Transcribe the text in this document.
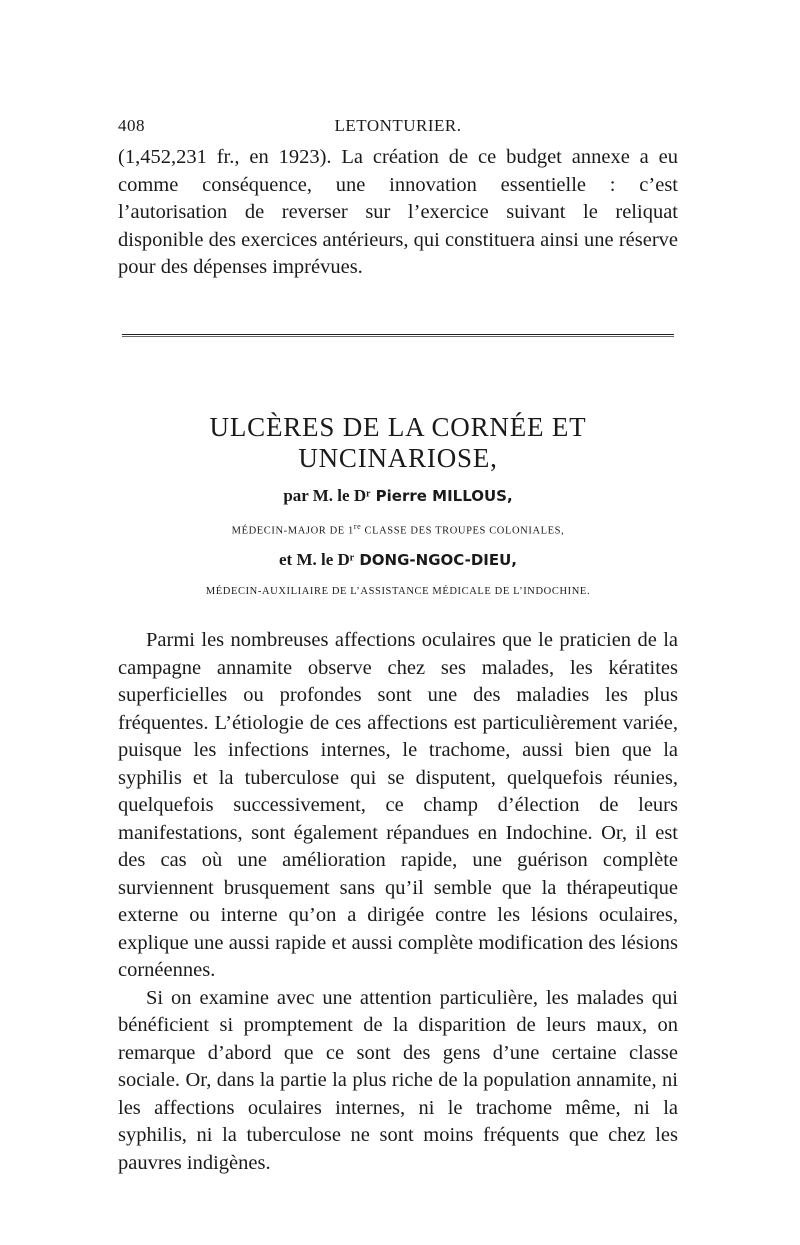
408	LETONTURIER.

(1,452,231 fr., en 1923). La création de ce budget annexe a eu comme conséquence, une innovation essentielle : c’est l’autorisation de reverser sur l’exercice suivant le reliquat disponible des exercices antérieurs, qui constituera ainsi une réserve pour des dépenses imprévues.

ULCÈRES DE LA CORNÉE ET UNCINARIOSE,
par M. le Dʳ Pierre MILLOUS,
MÉDECIN-MAJOR DE 1re CLASSE DES TROUPES COLONIALES,
et M. le Dʳ DONG-NGOC-DIEU,
MÉDECIN-AUXILIAIRE DE L’ASSISTANCE MÉDICALE DE L’INDOCHINE.

Parmi les nombreuses affections oculaires que le praticien de la campagne annamite observe chez ses malades, les kératites superficielles ou profondes sont une des maladies les plus fréquentes. L’étiologie de ces affections est particulièrement variée, puisque les infections internes, le trachome, aussi bien que la syphilis et la tuberculose qui se disputent, quelquefois réunies, quelquefois successivement, ce champ d’élection de leurs manifestations, sont également répandues en Indochine. Or, il est des cas où une amélioration rapide, une guérison complète surviennent brusquement sans qu’il semble que la thérapeutique externe ou interne qu’on a dirigée contre les lésions oculaires, explique une aussi rapide et aussi complète modification des lésions cornéennes.

Si on examine avec une attention particulière, les malades qui bénéficient si promptement de la disparition de leurs maux, on remarque d’abord que ce sont des gens d’une certaine classe sociale. Or, dans la partie la plus riche de la population annamite, ni les affections oculaires internes, ni le trachome même, ni la syphilis, ni la tuberculose ne sont moins fréquents que chez les pauvres indigènes.
